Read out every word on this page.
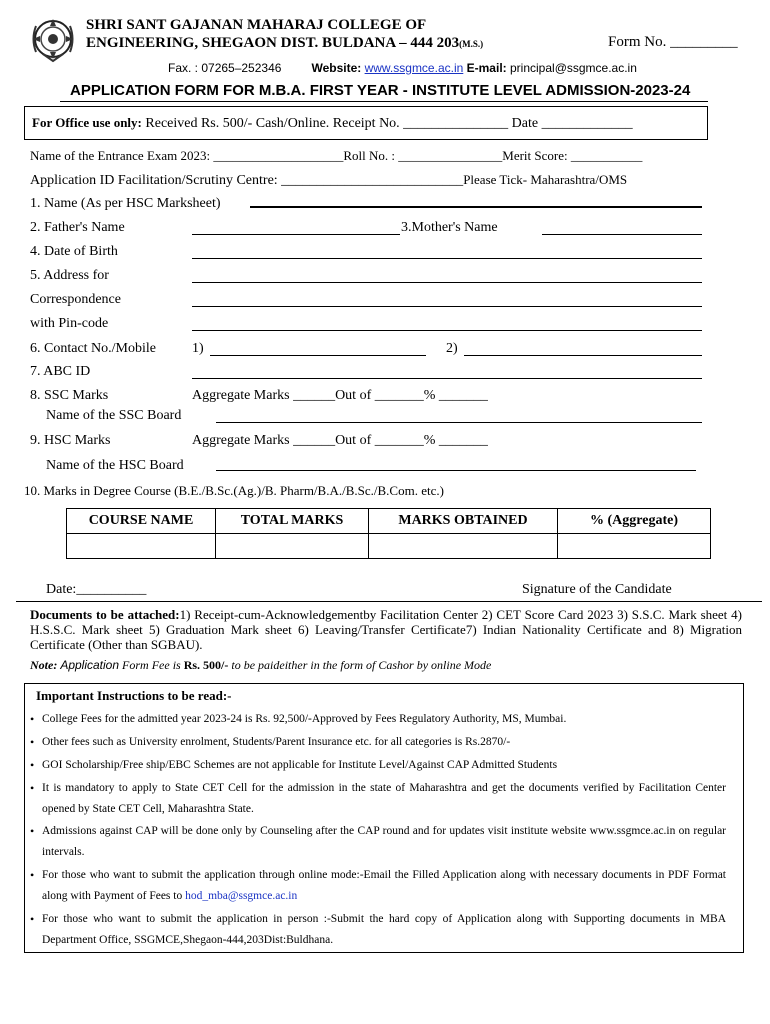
SHRI SANT GAJANAN MAHARAJ COLLEGE OF
ENGINEERING, SHEGAON DIST. BULDANA – 444 203(M.S.)	Form No. _________
Fax. : 07265–252346	Website: www.ssgmce.ac.in E-mail: principal@ssgmce.ac.in
APPLICATION FORM FOR M.B.A. FIRST YEAR - INSTITUTE LEVEL ADMISSION-2023-24
For Office use only: Received Rs. 500/- Cash/Online. Receipt No. _______________ Date _____________
Name of the Entrance Exam 2023: ____________________Roll No. : ________________Merit Score: ___________
Application ID Facilitation/Scrutiny Centre: __________________________Please Tick- Maharashtra/OMS
1. Name (As per HSC Marksheet)
2. Father's Name	3.Mother's Name
4. Date of Birth
5. Address for
Correspondence
with Pin-code
6. Contact No./Mobile	1)	2)
7. ABC ID
8. SSC Marks	Aggregate Marks ______Out of _______% _______
Name of the SSC Board
9. HSC Marks	Aggregate Marks ______Out of _______% _______
Name of the HSC Board
10. Marks in Degree Course (B.E./B.Sc.(Ag.)/B. Pharm/B.A./B.Sc./B.Com. etc.)
COURSE NAME	TOTAL MARKS	MARKS OBTAINED	% (Aggregate)

Date:__________	Signature of the Candidate
Documents to be attached:1) Receipt-cum-Acknowledgementby Facilitation Center 2) CET Score Card 2023 3) S.S.C. Mark sheet 4) H.S.S.C. Mark sheet 5) Graduation Mark sheet 6) Leaving/Transfer Certificate7) Indian Nationality Certificate and 8) Migration Certificate (Other than SGBAU).
Note: Application Form Fee is Rs. 500/- to be paideither in the form of Cashor by online Mode
Important Instructions to be read:-
• College Fees for the admitted year 2023-24 is Rs. 92,500/-Approved by Fees Regulatory Authority, MS, Mumbai.
• Other fees such as University enrolment, Students/Parent Insurance etc. for all categories is Rs.2870/-
• GOI Scholarship/Free ship/EBC Schemes are not applicable for Institute Level/Against CAP Admitted Students
• It is mandatory to apply to State CET Cell for the admission in the state of Maharashtra and get the documents verified by Facilitation Center opened by State CET Cell, Maharashtra State.
• Admissions against CAP will be done only by Counseling after the CAP round and for updates visit institute website www.ssgmce.ac.in on regular intervals.
• For those who want to submit the application through online mode:-Email the Filled Application along with necessary documents in PDF Format along with Payment of Fees to hod_mba@ssgmce.ac.in
• For those who want to submit the application in person :-Submit the hard copy of Application along with Supporting documents in MBA Department Office, SSGMCE,Shegaon-444,203Dist:Buldhana.
